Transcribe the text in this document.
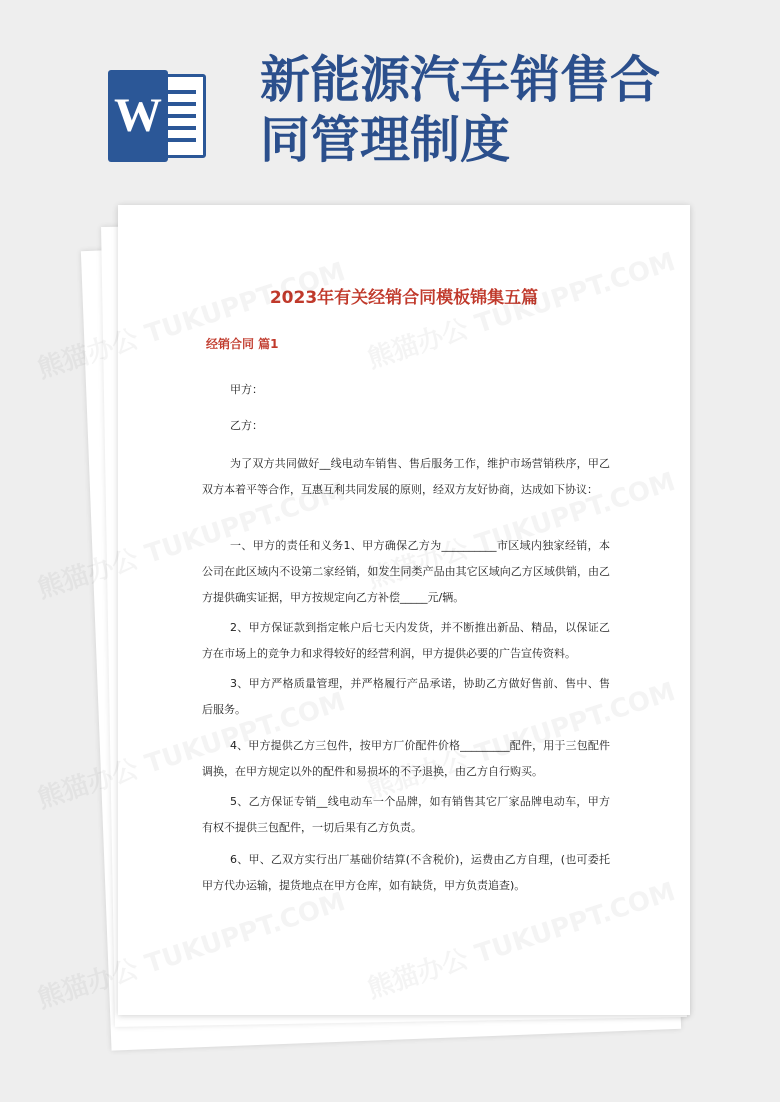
W
新能源汽车销售合同管理制度
2023年有关经销合同模板锦集五篇
经销合同 篇1

甲方：

乙方：

为了双方共同做好__线电动车销售、售后服务工作，维护市场营销秩序，甲乙双方本着平等合作，互惠互利共同发展的原则，经双方友好协商，达成如下协议：

一、甲方的责任和义务1、甲方确保乙方为__________市区域内独家经销，本公司在此区域内不设第二家经销，如发生同类产品由其它区域向乙方区域供销，由乙方提供确实证据，甲方按规定向乙方补偿_____元/辆。

2、甲方保证款到指定帐户后七天内发货，并不断推出新品、精品，以保证乙方在市场上的竞争力和求得较好的经营利润，甲方提供必要的广告宣传资料。

3、甲方严格质量管理，并严格履行产品承诺，协助乙方做好售前、售中、售后服务。

4、甲方提供乙方三包件，按甲方厂价配件价格_________配件，用于三包配件调换，在甲方规定以外的配件和易损坏的不予退换，由乙方自行购买。

5、乙方保证专销__线电动车一个品牌，如有销售其它厂家品牌电动车，甲方有权不提供三包配件，一切后果有乙方负责。

6、甲、乙双方实行出厂基础价结算(不含税价)，运费由乙方自理，(也可委托甲方代办运输，提货地点在甲方仓库，如有缺货，甲方负责追查)。
